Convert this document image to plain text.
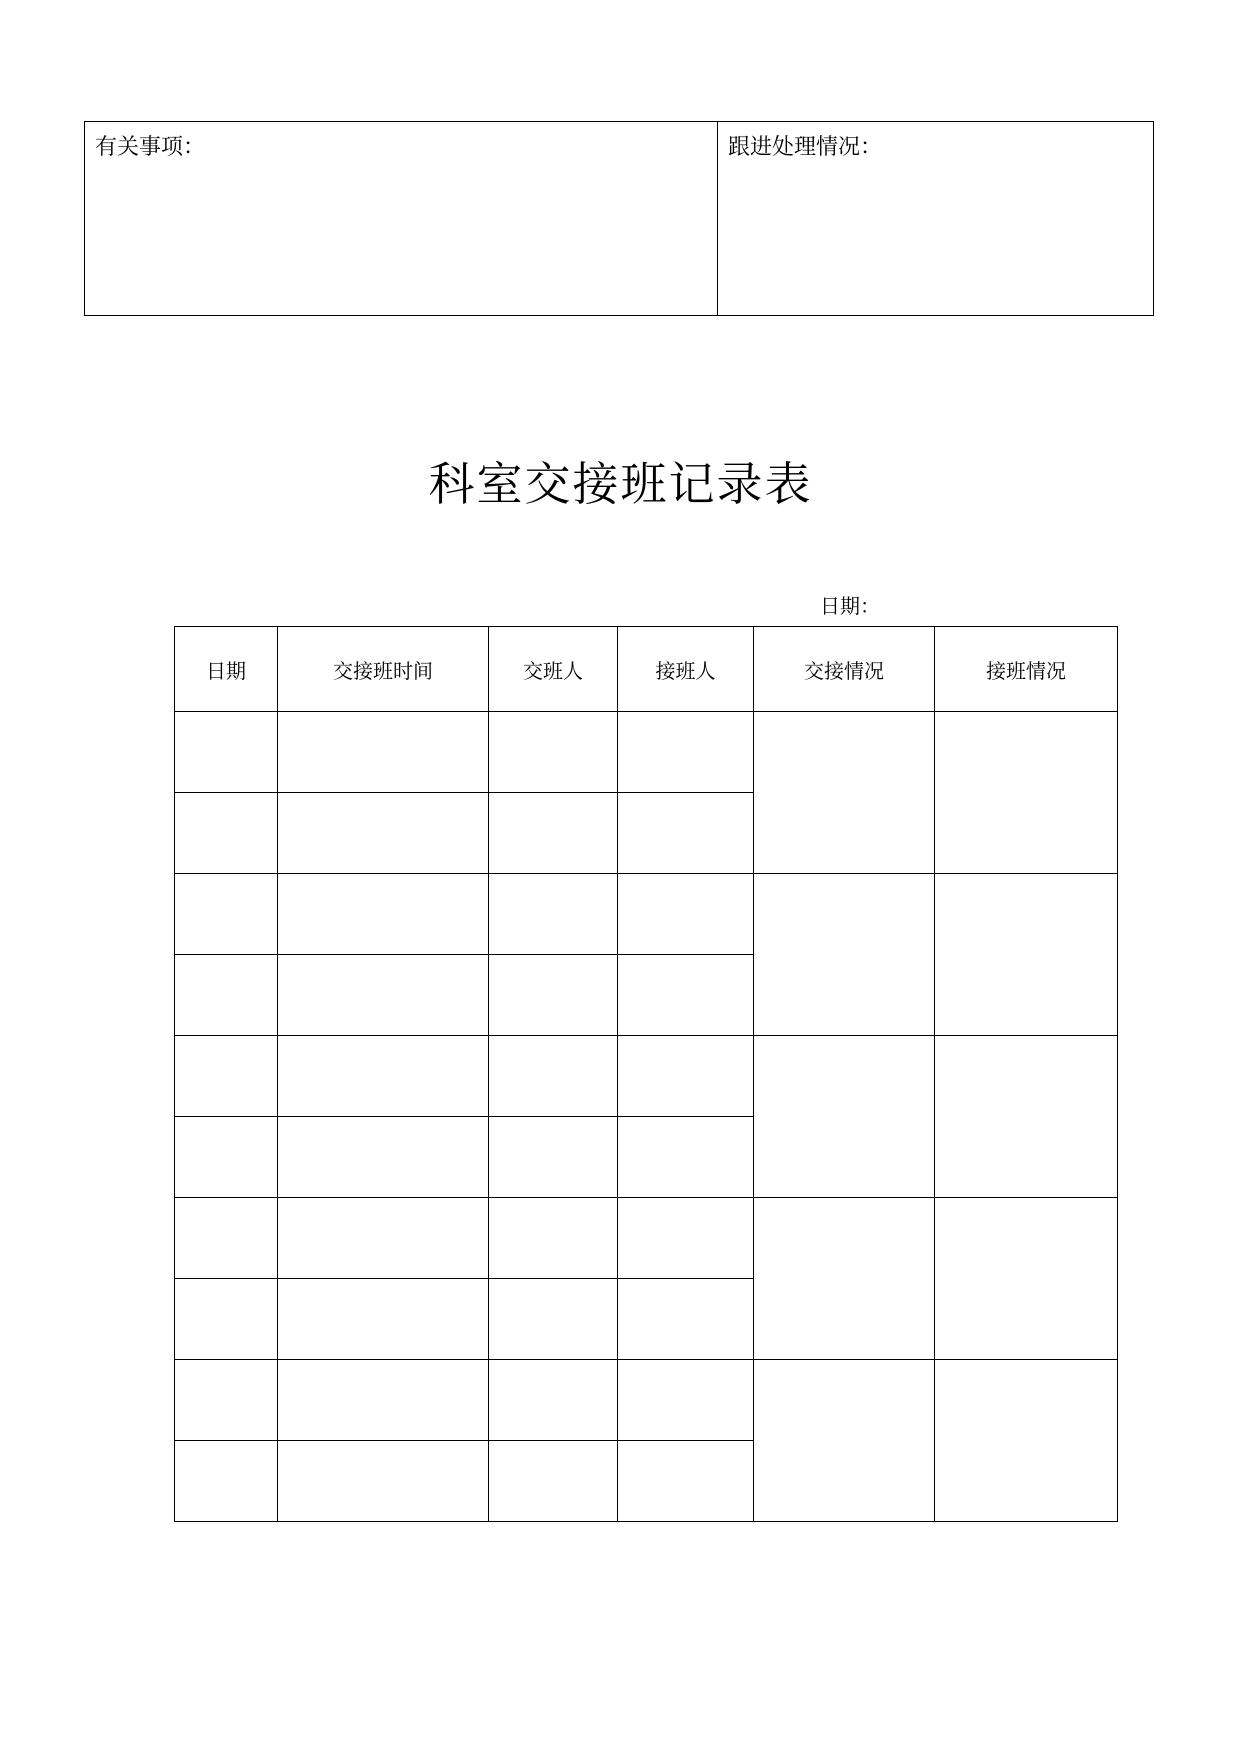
有关事项：	跟进处理情况：
科室交接班记录表
日期：
日期	交接班时间	交班人	接班人	交接情况	接班情况
